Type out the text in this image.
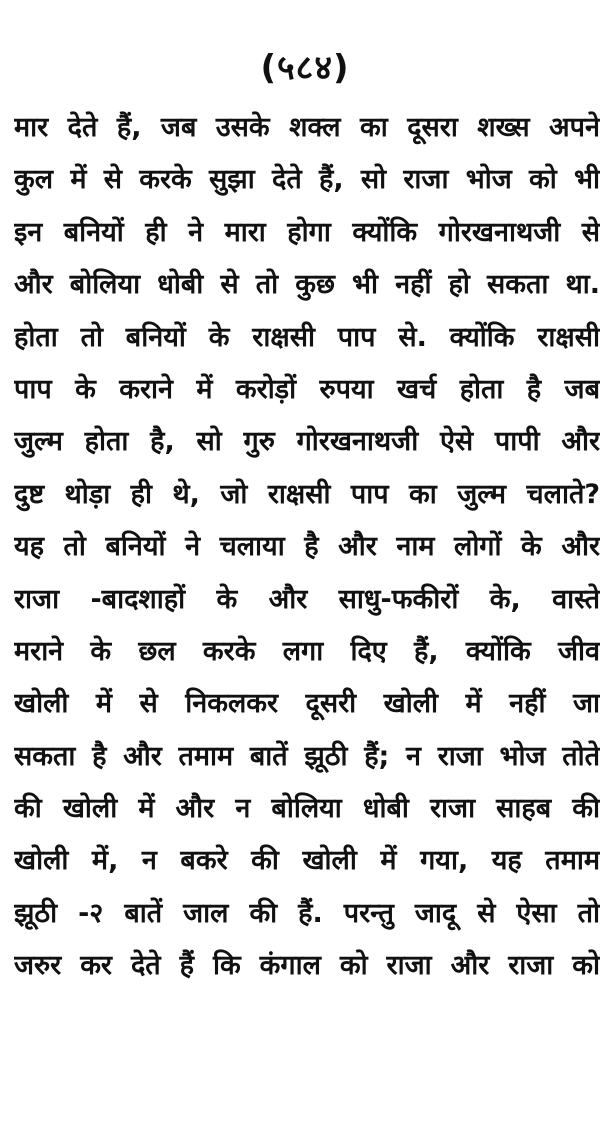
(५८४)
मार देते हैं, जब उसके शक्ल का दूसरा शख्स अपने
कुल में से करके सुझा देते हैं, सो राजा भोज को भी
इन बनियों ही ने मारा होगा क्योंकि गोरखनाथजी से
और बोलिया धोबी से तो कुछ भी नहीं हो सकता था.
होता तो बनियों के राक्षसी पाप से. क्योंकि राक्षसी
पाप के कराने में करोड़ों रुपया खर्च होता है जब
जुल्म होता है, सो गुरु गोरखनाथजी ऐसे पापी और
दुष्ट थोड़ा ही थे, जो राक्षसी पाप का जुल्म चलाते?
यह तो बनियों ने चलाया है और नाम लोगों के और
राजा -बादशाहों के और साधु-फकीरों के, वास्ते
मराने के छल करके लगा दिए हैं, क्योंकि जीव
खोली में से निकलकर दूसरी खोली में नहीं जा
सकता है और तमाम बातें झूठी हैं; न राजा भोज तोते
की खोली में और न बोलिया धोबी राजा साहब की
खोली में, न बकरे की खोली में गया, यह तमाम
झूठी -२ बातें जाल की हैं. परन्तु जादू से ऐसा तो
जरुर कर देते हैं कि कंगाल को राजा और राजा को
